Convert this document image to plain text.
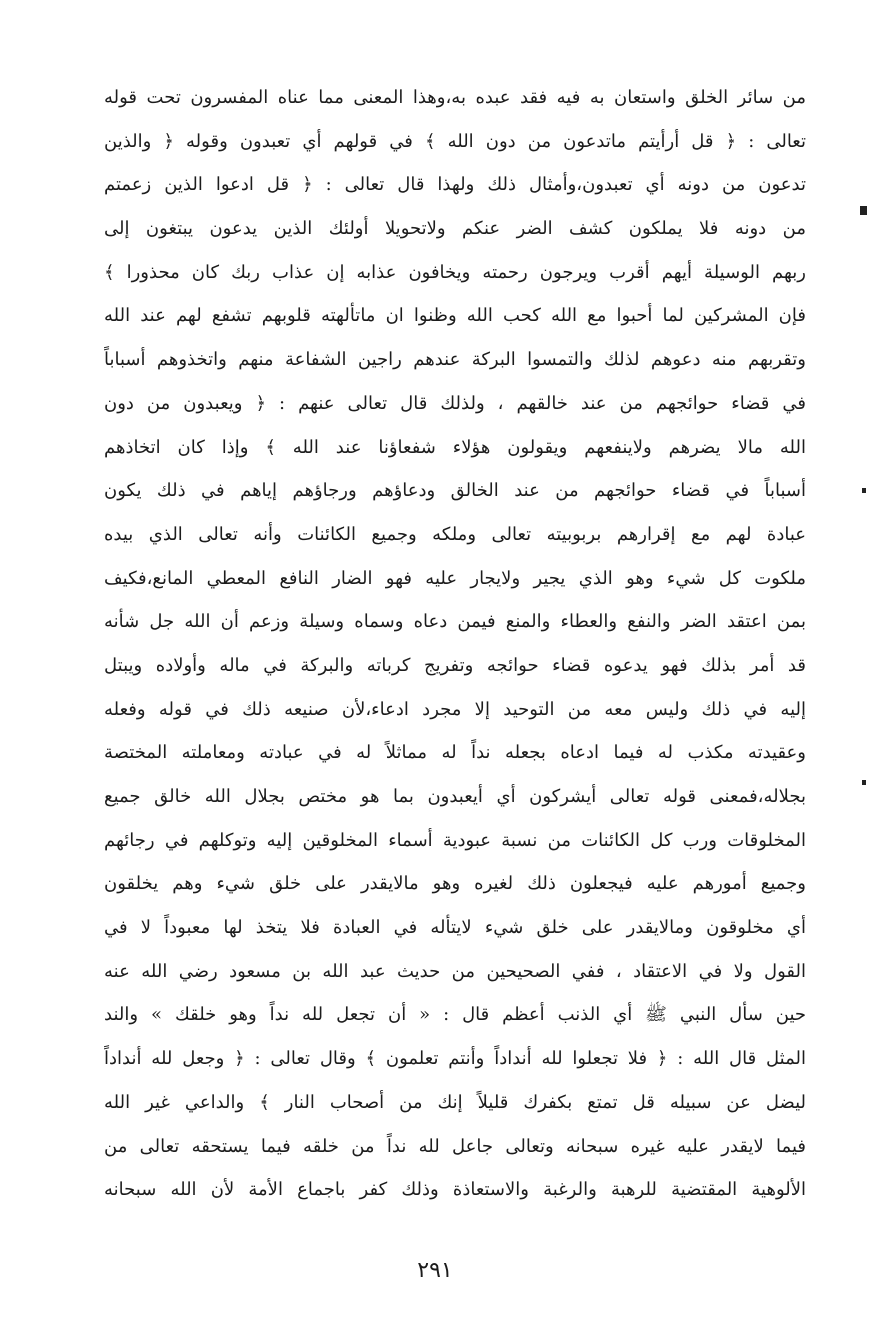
من سائر الخلق واستعان به فيه فقد عبده به،وهذا المعنى مما عناه المفسرون تحت قوله
تعالى : ﴿ قل أرأيتم ماتدعون من دون الله ﴾ في قولهم أي تعبدون وقوله ﴿ والذين
تدعون من دونه أي تعبدون،وأمثال ذلك ولهذا قال تعالى : ﴿ قل ادعوا الذين زعمتم
من دونه فلا يملكون كشف الضر عنكم ولاتحويلا أولئك الذين يدعون يبتغون إلى
ربهم الوسيلة أيهم أقرب ويرجون رحمته ويخافون عذابه إن عذاب ربك كان محذورا ﴾
فإن المشركين لما أحبوا مع الله كحب الله وظنوا ان ماتألهته قلوبهم تشفع لهم عند الله
وتقربهم منه دعوهم لذلك والتمسوا البركة عندهم راجين الشفاعة منهم واتخذوهم أسباباً
في قضاء حوائجهم من عند خالقهم ، ولذلك قال تعالى عنهم : ﴿ ويعبدون من دون
الله مالا يضرهم ولاينفعهم ويقولون هؤلاء شفعاؤنا عند الله ﴾ وإذا كان اتخاذهم
أسباباً في قضاء حوائجهم من عند الخالق ودعاؤهم ورجاؤهم إياهم في ذلك يكون
عبادة لهم مع إقرارهم بربوبيته تعالى وملكه وجميع الكائنات وأنه تعالى الذي بيده
ملكوت كل شيء وهو الذي يجير ولايجار عليه فهو الضار النافع المعطي المانع،فكيف
بمن اعتقد الضر والنفع والعطاء والمنع فيمن دعاه وسماه وسيلة وزعم أن الله جل شأنه
قد أمر بذلك فهو يدعوه قضاء حوائجه وتفريج كرباته والبركة في ماله وأولاده ويبتل
إليه في ذلك وليس معه من التوحيد إلا مجرد ادعاء،لأن صنيعه ذلك في قوله وفعله
وعقيدته مكذب له فيما ادعاه بجعله نداً له مماثلاً له في عبادته ومعاملته المختصة
بجلاله،فمعنى قوله تعالى أيشركون أي أيعبدون بما هو مختص بجلال الله خالق جميع
المخلوقات ورب كل الكائنات من نسبة عبودية أسماء المخلوقين إليه وتوكلهم في رجائهم
وجميع أمورهم عليه فيجعلون ذلك لغيره وهو مالايقدر على خلق شيء وهم يخلقون
أي مخلوقون ومالايقدر على خلق شيء لايتأله في العبادة فلا يتخذ لها معبوداً لا في
القول ولا في الاعتقاد ، ففي الصحيحين من حديث عبد الله بن مسعود رضي الله عنه
حين سأل النبي ﷺ أي الذنب أعظم قال : « أن تجعل لله نداً وهو خلقك » والند
المثل قال الله : ﴿ فلا تجعلوا لله أنداداً وأنتم تعلمون ﴾ وقال تعالى : ﴿ وجعل لله أنداداً
ليضل عن سبيله قل تمتع بكفرك قليلاً إنك من أصحاب النار ﴾ والداعي غير الله
فيما لايقدر عليه غيره سبحانه وتعالى جاعل لله نداً من خلقه فيما يستحقه تعالى من
الألوهية المقتضية للرهبة والرغبة والاستعاذة وذلك كفر باجماع الأمة لأن الله سبحانه
٢٩١
